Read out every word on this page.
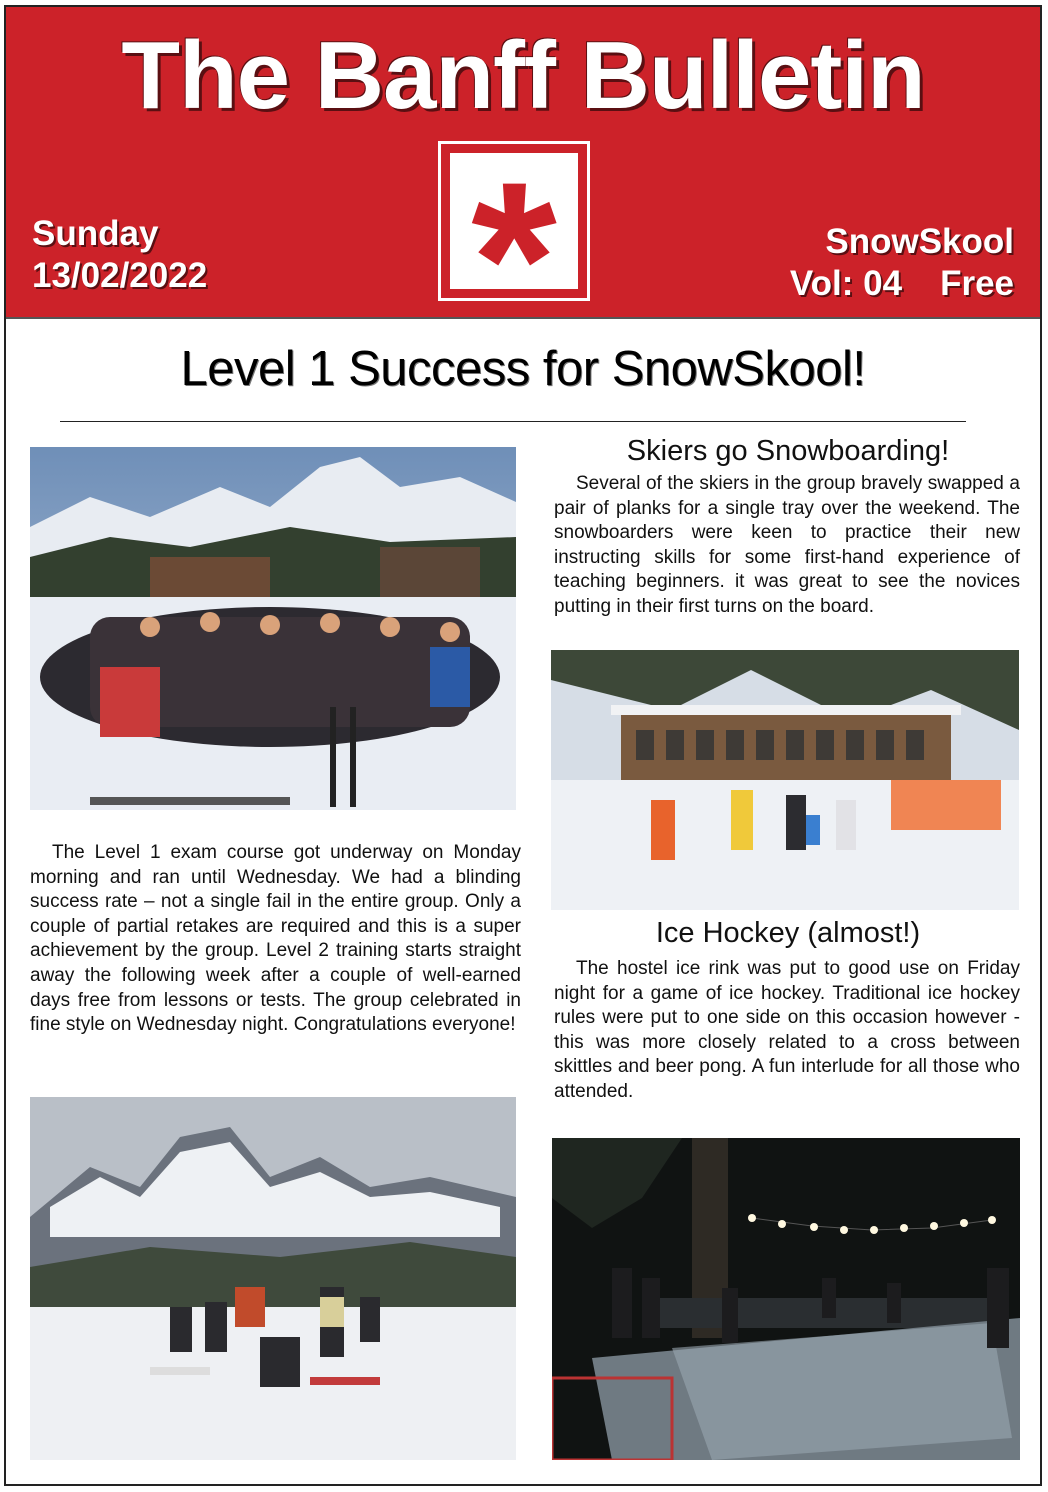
The Banff Bulletin
Sunday
13/02/2022 *	SnowSkool
Vol: 04 Free
Level 1 Success for SnowSkool!
The Level 1 exam course got underway on Monday morning and ran until Wednesday. We had a blinding success rate – not a single fail in the entire group. Only a couple of partial retakes are required and this is a super achievement by the group. Level 2 training starts straight away the following week after a couple of well-earned days free from lessons or tests. The group celebrated in fine style on Wednesday night. Congratulations everyone!
Skiers go Snowboarding!
Several of the skiers in the group bravely swapped a pair of planks for a single tray over the weekend. The snowboarders were keen to practice their new instructing skills for some first-hand experience of teaching beginners. it was great to see the novices putting in their first turns on the board.
Ice Hockey (almost!)
The hostel ice rink was put to good use on Friday night for a game of ice hockey. Traditional ice hockey rules were put to one side on this occasion however - this was more closely related to a cross between skittles and beer pong. A fun interlude for all those who attended.
